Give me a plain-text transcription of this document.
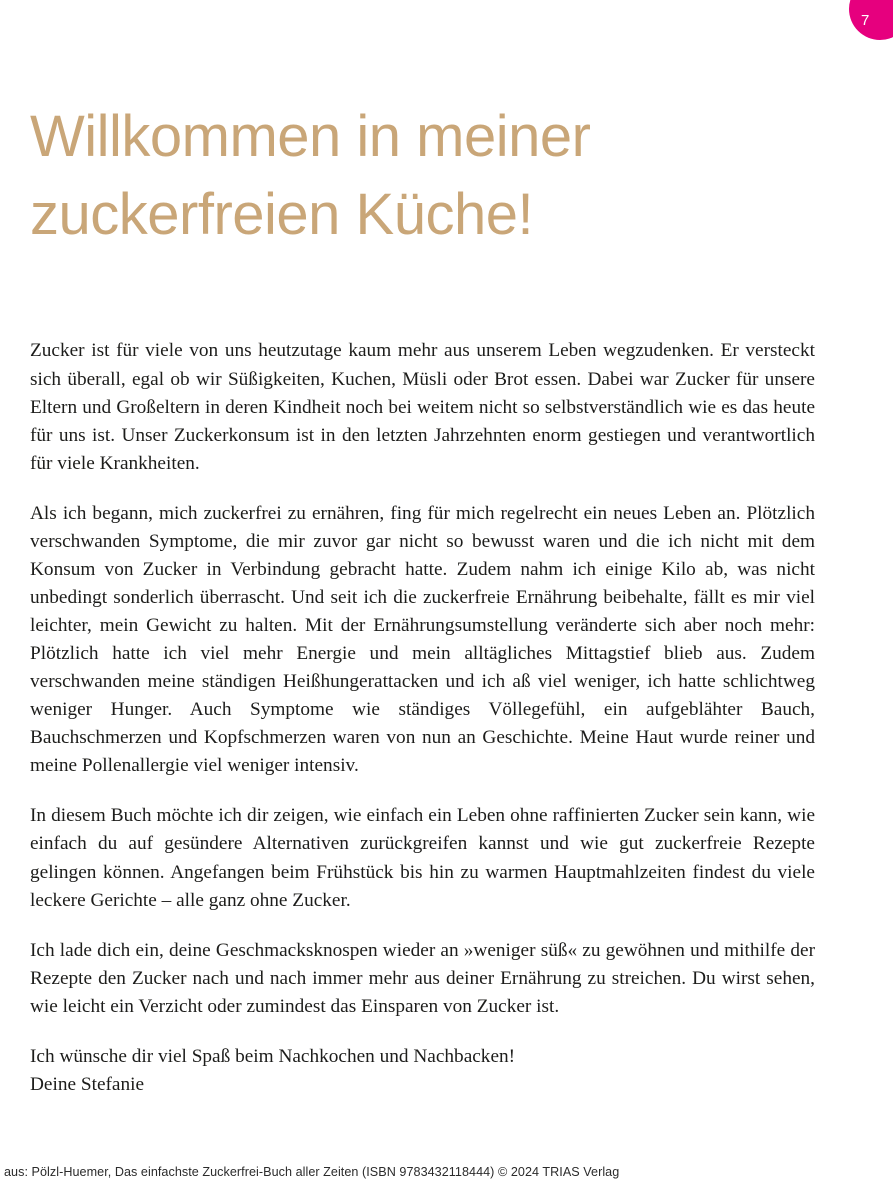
7
Willkommen in meiner
zuckerfreien Küche!

Zucker ist für viele von uns heutzutage kaum mehr aus unserem Leben wegzudenken. Er versteckt sich überall, egal ob wir Süßigkeiten, Kuchen, Müsli oder Brot essen. Dabei war Zucker für unsere Eltern und Großeltern in deren Kindheit noch bei weitem nicht so selbstverständlich wie es das heute für uns ist. Unser Zuckerkonsum ist in den letzten Jahrzehnten enorm gestiegen und verantwortlich für viele Krankheiten.

Als ich begann, mich zuckerfrei zu ernähren, fing für mich regelrecht ein neues Leben an. Plötzlich verschwanden Symptome, die mir zuvor gar nicht so bewusst waren und die ich nicht mit dem Konsum von Zucker in Verbindung gebracht hatte. Zudem nahm ich einige Kilo ab, was nicht unbedingt sonderlich überrascht. Und seit ich die zuckerfreie Ernährung beibehalte, fällt es mir viel leichter, mein Gewicht zu halten. Mit der Ernährungsumstellung veränderte sich aber noch mehr: Plötzlich hatte ich viel mehr Energie und mein alltägliches Mittagstief blieb aus. Zudem verschwanden meine ständigen Heißhungerattacken und ich aß viel weniger, ich hatte schlichtweg weniger Hunger. Auch Symptome wie ständiges Völlegefühl, ein aufgeblähter Bauch, Bauchschmerzen und Kopfschmerzen waren von nun an Geschichte. Meine Haut wurde reiner und meine Pollenallergie viel weniger intensiv.

In diesem Buch möchte ich dir zeigen, wie einfach ein Leben ohne raffinierten Zucker sein kann, wie einfach du auf gesündere Alternativen zurückgreifen kannst und wie gut zuckerfreie Rezepte gelingen können. Angefangen beim Frühstück bis hin zu warmen Hauptmahlzeiten findest du viele leckere Gerichte – alle ganz ohne Zucker.

Ich lade dich ein, deine Geschmacksknospen wieder an »weniger süß« zu gewöhnen und mithilfe der Rezepte den Zucker nach und nach immer mehr aus deiner Ernährung zu streichen. Du wirst sehen, wie leicht ein Verzicht oder zumindest das Einsparen von Zucker ist.

Ich wünsche dir viel Spaß beim Nachkochen und Nachbacken!
Deine Stefanie

aus: Pölzl-Huemer, Das einfachste Zuckerfrei-Buch aller Zeiten (ISBN 9783432118444) © 2024 TRIAS Verlag
